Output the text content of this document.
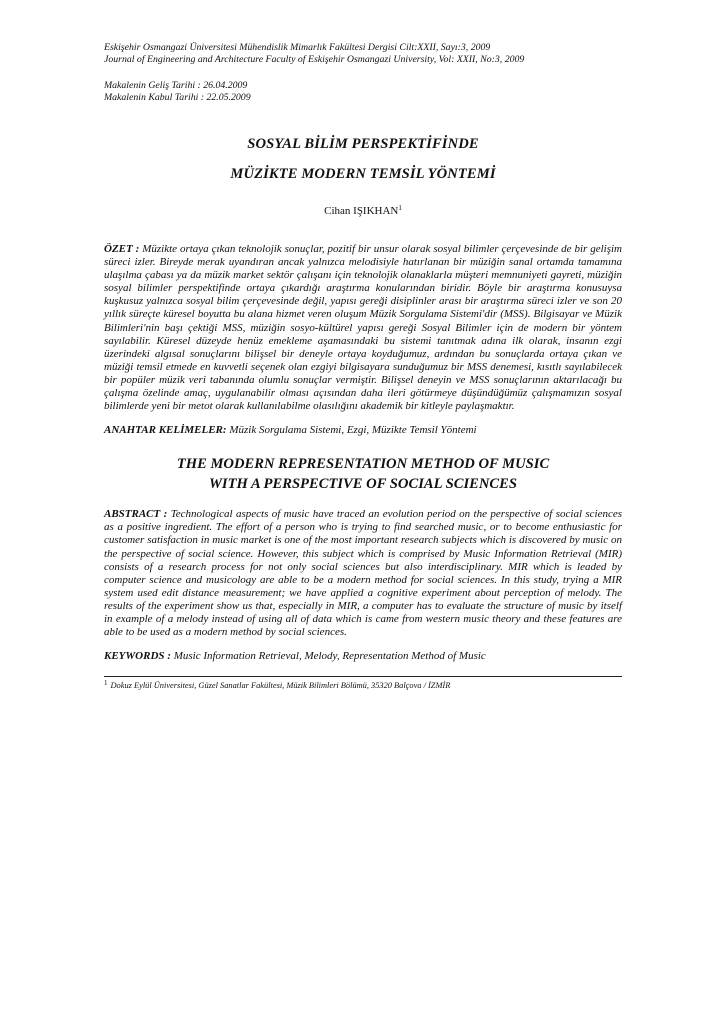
Eskişehir Osmangazi Üniversitesi Mühendislik Mimarlık Fakültesi Dergisi Cilt:XXII, Sayı:3, 2009
Journal of Engineering and Architecture Faculty of Eskişehir Osmangazi University, Vol: XXII, No:3, 2009
Makalenin Geliş Tarihi : 26.04.2009
Makalenin Kabul Tarihi : 22.05.2009
SOSYAL BİLİM PERSPEKTİFİNDE
MÜZİKTE MODERN TEMSİL YÖNTEMİ
Cihan IŞIKHAN$^1$
ÖZET : Müzikte ortaya çıkan teknolojik sonuçlar, pozitif bir unsur olarak sosyal bilimler çerçevesinde de bir gelişim süreci izler. Bireyde merak uyandıran ancak yalnızca melodisiyle hatırlanan bir müziğin sanal ortamda tamamına ulaşılma çabası ya da müzik market sektör çalışanı için teknolojik olanaklarla müşteri memnuniyeti gayreti, müziğin sosyal bilimler perspektifinde ortaya çıkardığı araştırma konularından biridir. Böyle bir araştırma konusuysa kuşkusuz yalnızca sosyal bilim çerçevesinde değil, yapısı gereği disiplinler arası bir araştırma süreci izler ve son 20 yıllık süreçte küresel boyutta bu alana hizmet veren oluşum Müzik Sorgulama Sistemi'dir (MSS). Bilgisayar ve Müzik Bilimleri'nin başı çektiği MSS, müziğin sosyo-kültürel yapısı gereği Sosyal Bilimler için de modern bir yöntem sayılabilir. Küresel düzeyde henüz emekleme aşamasındaki bu sistemi tanıtmak adına ilk olarak, insanın ezgi üzerindeki algısal sonuçlarını bilişsel bir deneyle ortaya koyduğumuz, ardından bu sonuçlarda ortaya çıkan ve müziği temsil etmede en kuvvetli seçenek olan ezgiyi bilgisayara sunduğumuz bir MSS denemesi, kısıtlı sayılabilecek bir popüler müzik veri tabanında olumlu sonuçlar vermiştir. Bilişsel deneyin ve MSS sonuçlarının aktarılacağı bu çalışma özelinde amaç, uygulanabilir olması açısından daha ileri götürmeye düşündüğümüz çalışmamızın sosyal bilimlerde yeni bir metot olarak kullanılabilme olasılığını akademik bir kitleyle paylaşmaktır.
ANAHTAR KELİMELER: Müzik Sorgulama Sistemi, Ezgi, Müzikte Temsil Yöntemi
THE MODERN REPRESENTATION METHOD OF MUSIC
WITH A PERSPECTIVE OF SOCIAL SCIENCES
ABSTRACT : Technological aspects of music have traced an evolution period on the perspective of social sciences as a positive ingredient. The effort of a person who is trying to find searched music, or to become enthusiastic for customer satisfaction in music market is one of the most important research subjects which is discovered by music on the perspective of social science. However, this subject which is comprised by Music Information Retrieval (MIR) consists of a research process for not only social sciences but also interdisciplinary. MIR which is leaded by computer science and musicology are able to be a modern method for social sciences. In this study, trying a MIR system used edit distance measurement; we have applied a cognitive experiment about perception of melody. The results of the experiment show us that, especially in MIR, a computer has to evaluate the structure of music by itself in example of a melody instead of using all of data which is came from western music theory and these features are able to be used as a modern method by social sciences.
KEYWORDS : Music Information Retrieval, Melody, Representation Method of Music
$^1$ Dokuz Eylül Üniversitesi, Güzel Sanatlar Fakültesi, Müzik Bilimleri Bölümü, 35320 Balçova / İZMİR
